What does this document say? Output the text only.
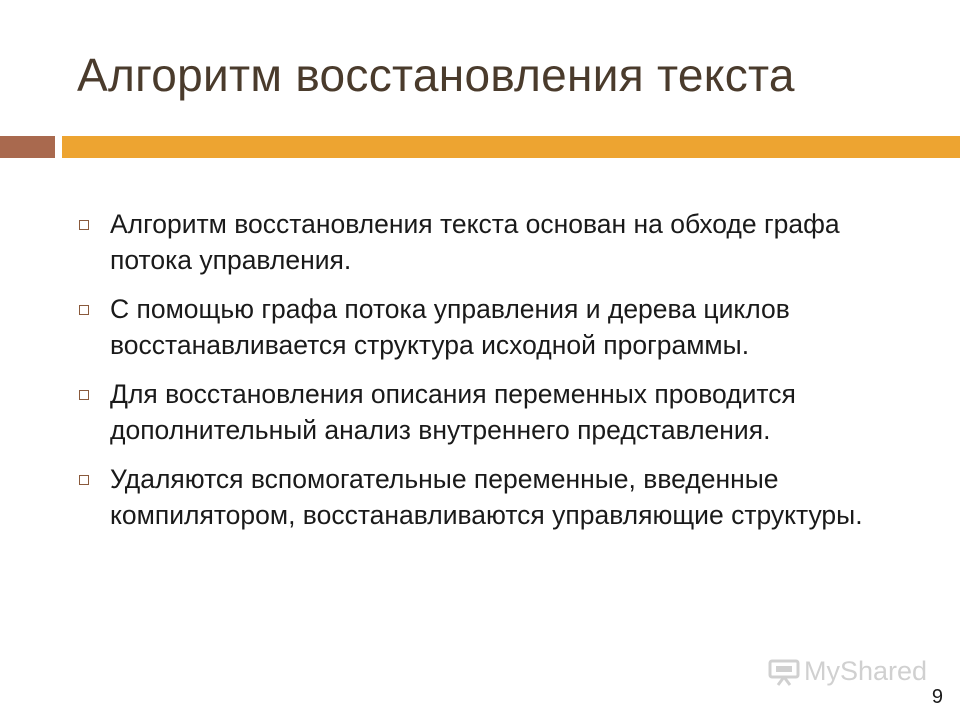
Алгоритм восстановления текста
Алгоритм восстановления текста основан на обходе графа потока управления.
С помощью графа потока управления и дерева циклов восстанавливается структура исходной программы.
Для восстановления описания переменных проводится дополнительный анализ внутреннего представления.
Удаляются вспомогательные переменные, введенные компилятором, восстанавливаются управляющие структуры.
MyShared
9
